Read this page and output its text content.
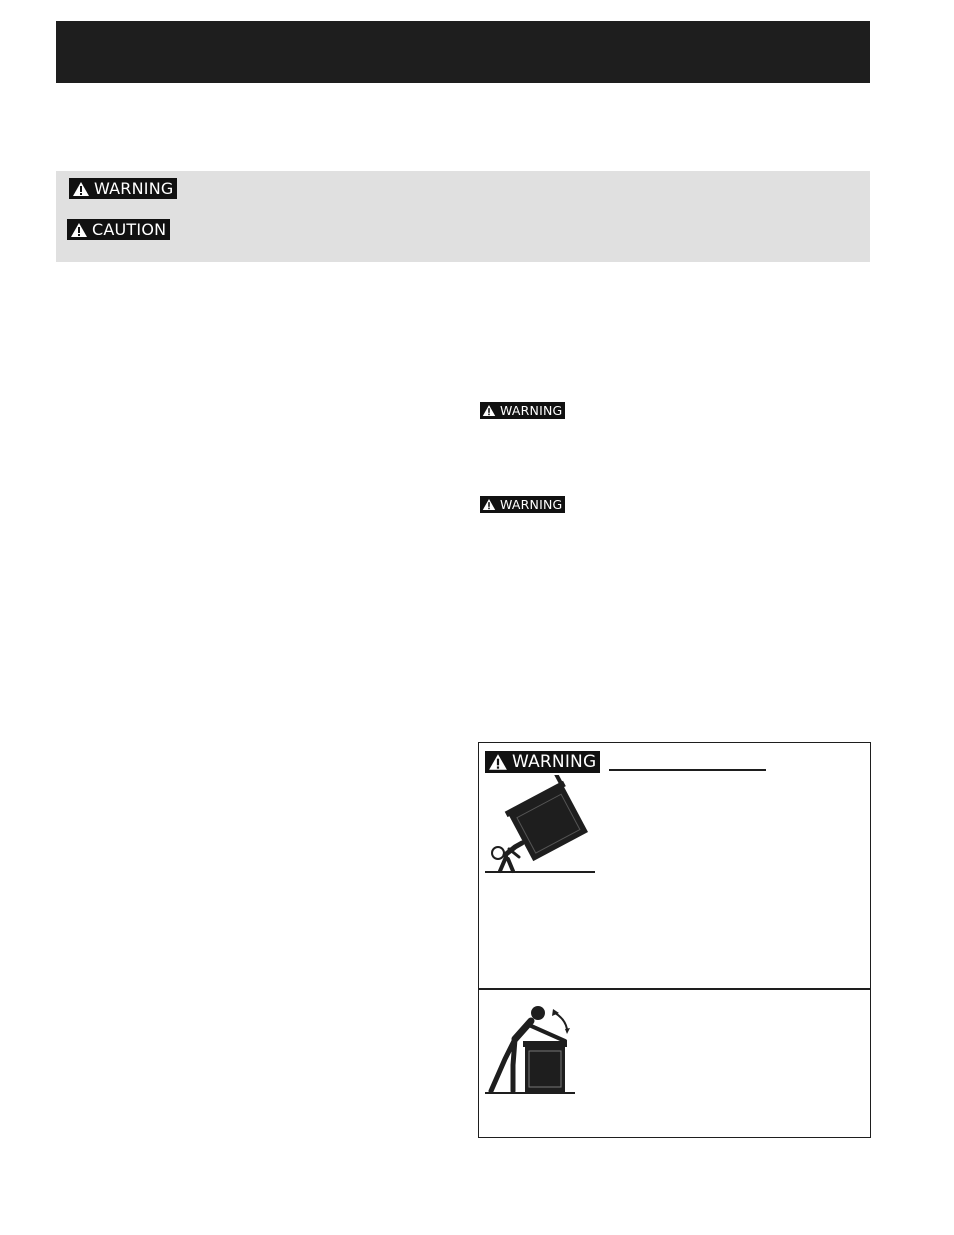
WARNING
CAUTION
WARNING
WARNING
WARNING
